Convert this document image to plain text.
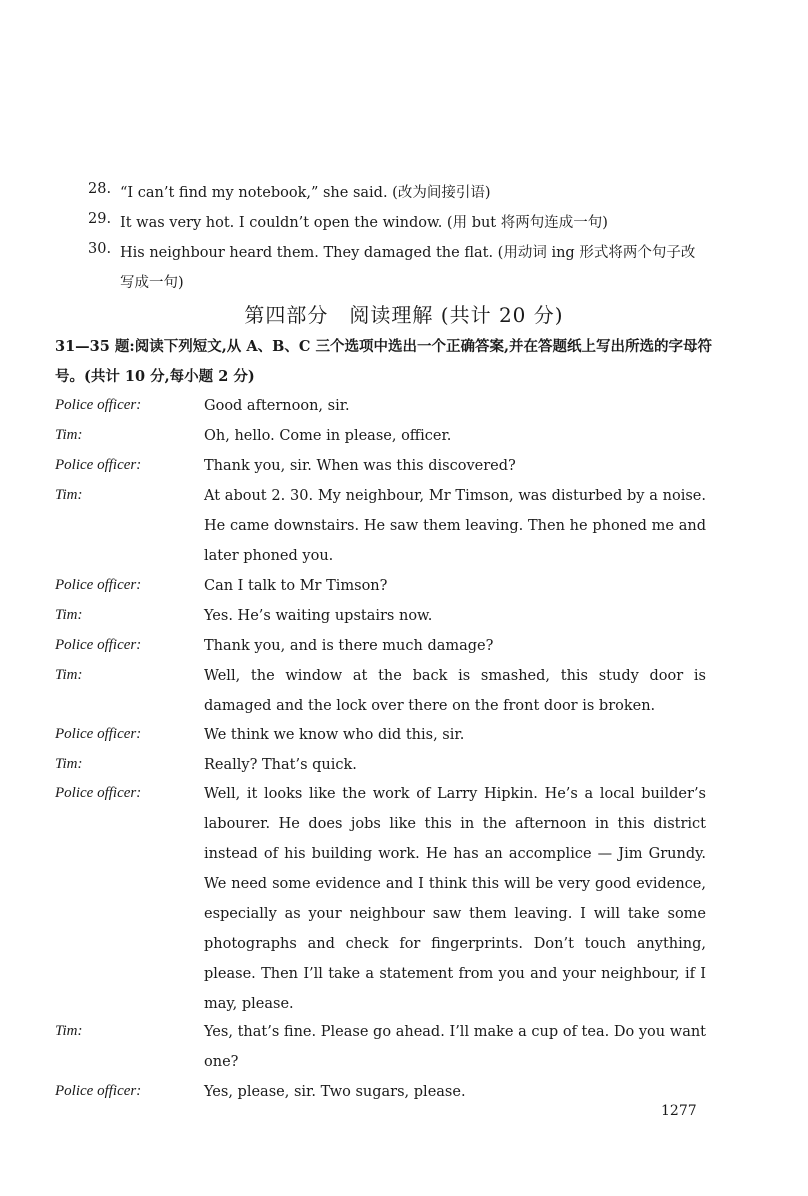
28. “I can’t find my notebook,” she said. (改为间接引语)
29. It was very hot. I couldn’t open the window. (用 but 将两句连成一句)
30. His neighbour heard them. They damaged the flat. (用动词 ing 形式将两个句子改
写成一句)
第四部分　阅读理解 (共计 20 分)
31—35 题:阅读下列短文,从 A、B、C 三个选项中选出一个正确答案,并在答题纸上写出所选的字母符号。(共计 10 分,每小题 2 分)
Police officer:	Good afternoon, sir.
Tim:	Oh, hello. Come in please, officer.
Police officer:	Thank you, sir. When was this discovered?
Tim:	At about 2. 30. My neighbour, Mr Timson, was disturbed by a noise. He came downstairs. He saw them leaving. Then he phoned me and later phoned you.
Police officer:	Can I talk to Mr Timson?
Tim:	Yes. He’s waiting upstairs now.
Police officer:	Thank you, and is there much damage?
Tim:	Well, the window at the back is smashed, this study door is damaged and the lock over there on the front door is broken.
Police officer:	We think we know who did this, sir.
Tim:	Really? That’s quick.
Police officer:	Well, it looks like the work of Larry Hipkin. He’s a local builder’s labourer. He does jobs like this in the afternoon in this district instead of his building work. He has an accomplice — Jim Grundy. We need some evidence and I think this will be very good evidence, especially as your neighbour saw them leaving. I will take some photographs and check for fingerprints. Don’t touch anything, please. Then I’ll take a statement from you and your neighbour, if I may, please.
Tim:	Yes, that’s fine. Please go ahead. I’ll make a cup of tea. Do you want one?
Police officer:	Yes, please, sir. Two sugars, please.
1277
